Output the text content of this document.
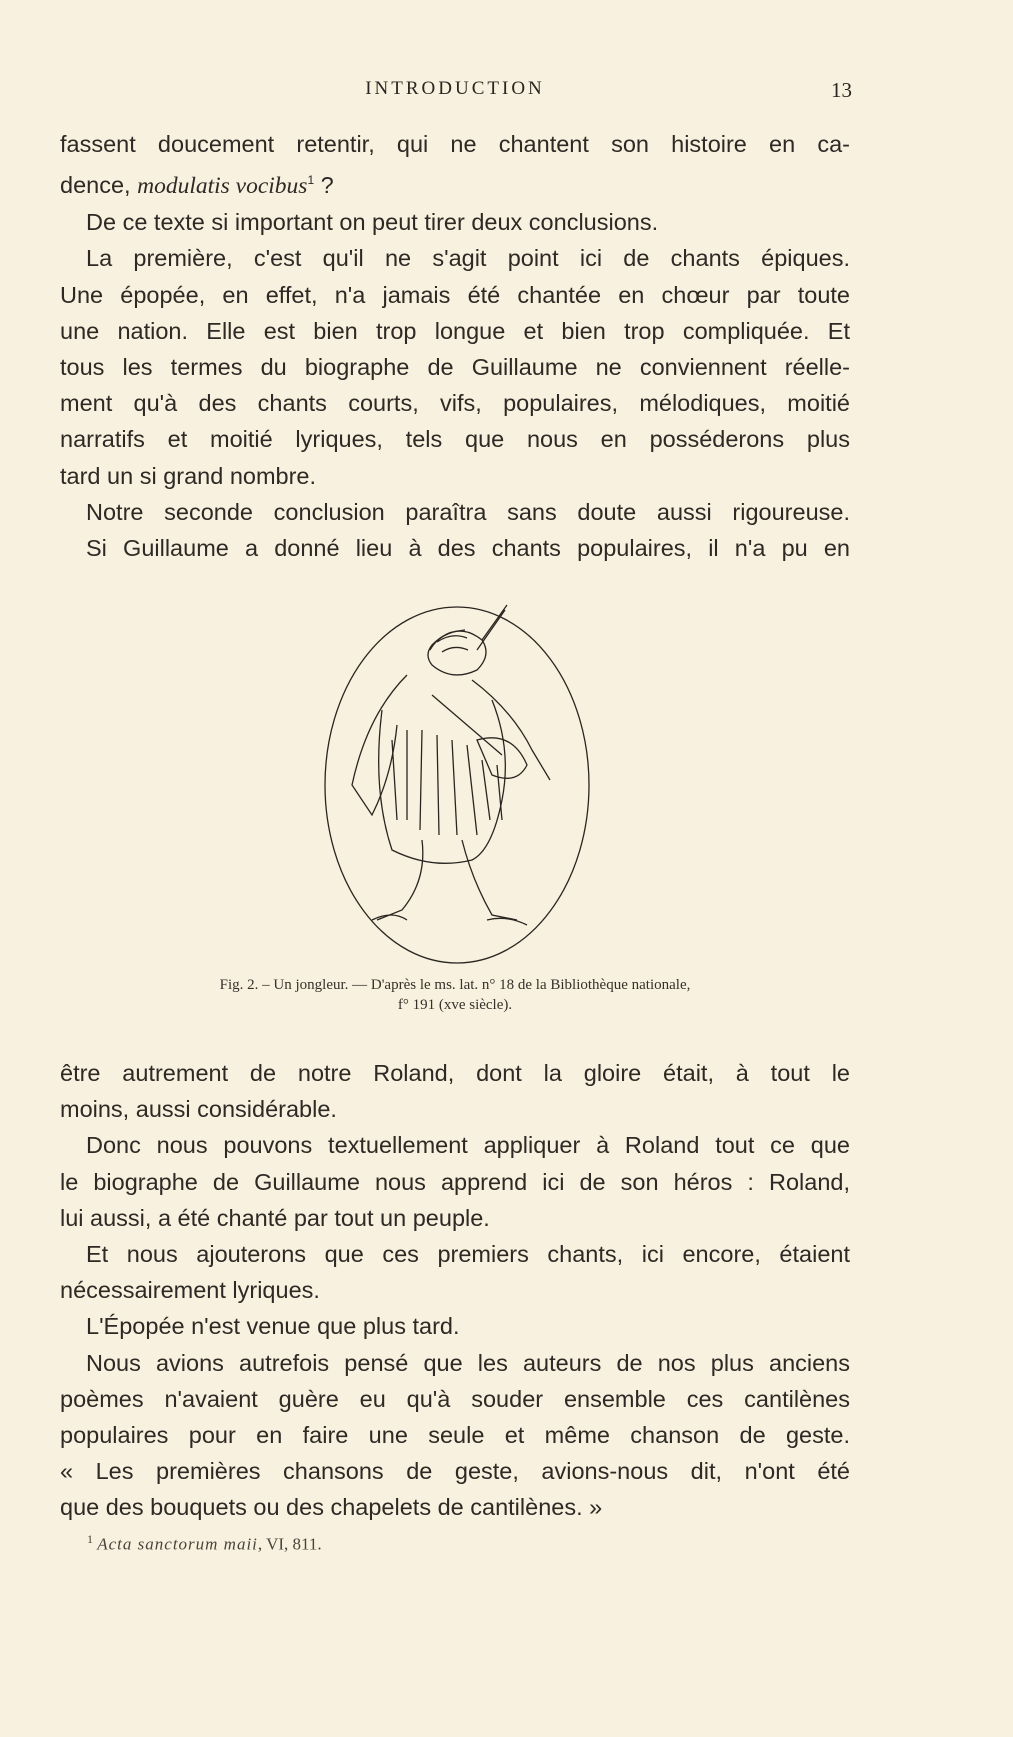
INTRODUCTION	13

fassent doucement retentir, qui ne chantent son histoire en ca-

dence, modulatis vocibus$^1$ ?

De ce texte si important on peut tirer deux conclusions.

La première, c'est qu'il ne s'agit point ici de chants épiques.

Une épopée, en effet, n'a jamais été chantée en chœur par toute

une nation. Elle est bien trop longue et bien trop compliquée. Et

tous les termes du biographe de Guillaume ne conviennent réelle-

ment qu'à des chants courts, vifs, populaires, mélodiques, moitié

narratifs et moitié lyriques, tels que nous en posséderons plus

tard un si grand nombre.

Notre seconde conclusion paraîtra sans doute aussi rigoureuse.

Si Guillaume a donné lieu à des chants populaires, il n'a pu en

Fig. 2. – Un jongleur. — D'après le ms. lat. n° 18 de la Bibliothèque nationale,
f° 191 (xve siècle).

être autrement de notre Roland, dont la gloire était, à tout le

moins, aussi considérable.

Donc nous pouvons textuellement appliquer à Roland tout ce que

le biographe de Guillaume nous apprend ici de son héros : Roland,

lui aussi, a été chanté par tout un peuple.

Et nous ajouterons que ces premiers chants, ici encore, étaient

nécessairement lyriques.

L'Épopée n'est venue que plus tard.

Nous avions autrefois pensé que les auteurs de nos plus anciens

poèmes n'avaient guère eu qu'à souder ensemble ces cantilènes

populaires pour en faire une seule et même chanson de geste.

« Les premières chansons de geste, avions-nous dit, n'ont été

que des bouquets ou des chapelets de cantilènes. »

$^1$ Acta sanctorum maii, VI, 811.
